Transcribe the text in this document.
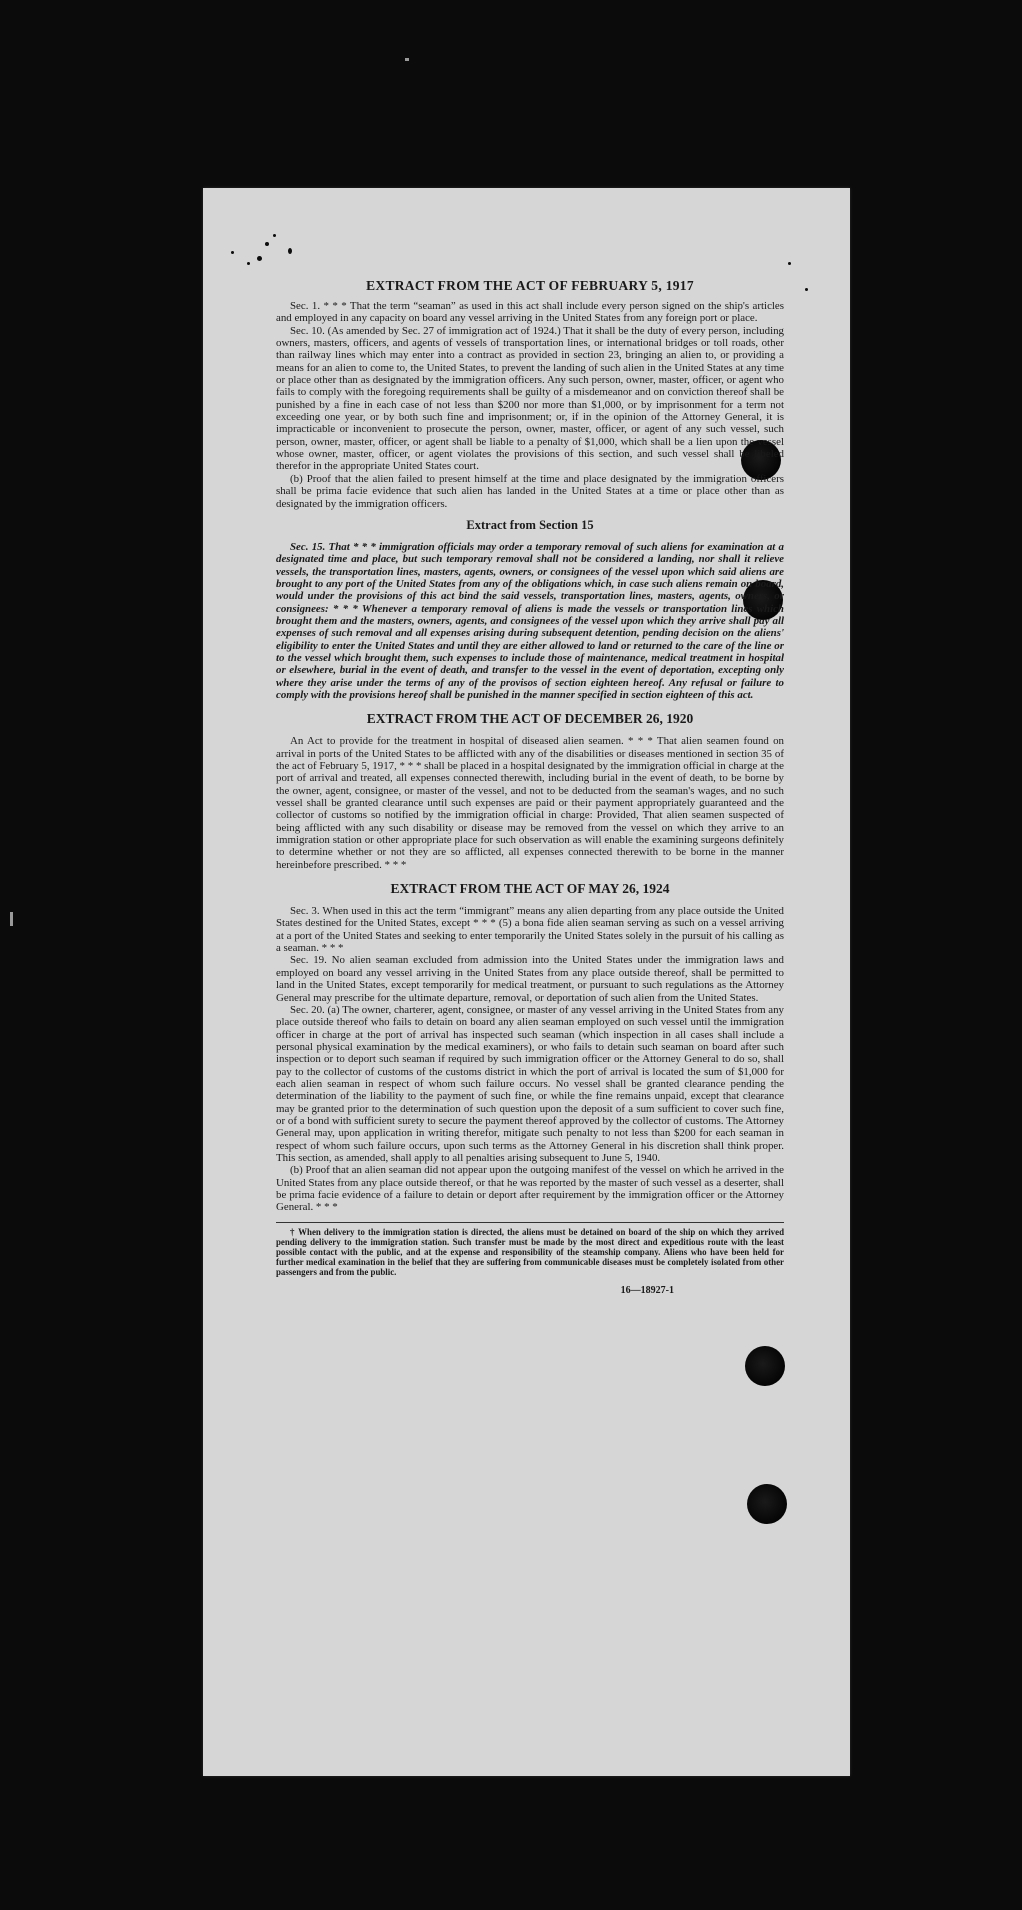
EXTRACT FROM THE ACT OF FEBRUARY 5, 1917

Sec. 1. * * * That the term “seaman” as used in this act shall include every person signed on the ship's articles and employed in any capacity on board any vessel arriving in the United States from any foreign port or place.

Sec. 10. (As amended by Sec. 27 of immigration act of 1924.) That it shall be the duty of every person, including owners, masters, officers, and agents of vessels of transportation lines, or international bridges or toll roads, other than railway lines which may enter into a contract as provided in section 23, bringing an alien to, or providing a means for an alien to come to, the United States, to prevent the landing of such alien in the United States at any time or place other than as designated by the immigration officers. Any such person, owner, master, officer, or agent who fails to comply with the foregoing requirements shall be guilty of a misdemeanor and on conviction thereof shall be punished by a fine in each case of not less than $200 nor more than $1,000, or by imprisonment for a term not exceeding one year, or by both such fine and imprisonment; or, if in the opinion of the Attorney General, it is impracticable or inconvenient to prosecute the person, owner, master, officer, or agent of any such vessel, such person, owner, master, officer, or agent shall be liable to a penalty of $1,000, which shall be a lien upon the vessel whose owner, master, officer, or agent violates the provisions of this section, and such vessel shall be libeled therefor in the appropriate United States court.

(b) Proof that the alien failed to present himself at the time and place designated by the immigration officers shall be prima facie evidence that such alien has landed in the United States at a time or place other than as designated by the immigration officers.

Extract from Section 15

Sec. 15. That * * * immigration officials may order a temporary removal of such aliens for examination at a designated time and place, but such temporary removal shall not be considered a landing, nor shall it relieve vessels, the transportation lines, masters, agents, owners, or consignees of the vessel upon which said aliens are brought to any port of the United States from any of the obligations which, in case such aliens remain on board, would under the provisions of this act bind the said vessels, transportation lines, masters, agents, owners, or consignees: * * * Whenever a temporary removal of aliens is made the vessels or transportation lines which brought them and the masters, owners, agents, and consignees of the vessel upon which they arrive shall pay all expenses of such removal and all expenses arising during subsequent detention, pending decision on the aliens' eligibility to enter the United States and until they are either allowed to land or returned to the care of the line or to the vessel which brought them, such expenses to include those of maintenance, medical treatment in hospital or elsewhere, burial in the event of death, and transfer to the vessel in the event of deportation, excepting only where they arise under the terms of any of the provisos of section eighteen hereof. Any refusal or failure to comply with the provisions hereof shall be punished in the manner specified in section eighteen of this act.

EXTRACT FROM THE ACT OF DECEMBER 26, 1920

An Act to provide for the treatment in hospital of diseased alien seamen. * * * That alien seamen found on arrival in ports of the United States to be afflicted with any of the disabilities or diseases mentioned in section 35 of the act of February 5, 1917, * * * shall be placed in a hospital designated by the immigration official in charge at the port of arrival and treated, all expenses connected therewith, including burial in the event of death, to be borne by the owner, agent, consignee, or master of the vessel, and not to be deducted from the seaman's wages, and no such vessel shall be granted clearance until such expenses are paid or their payment appropriately guaranteed and the collector of customs so notified by the immigration official in charge: Provided, That alien seamen suspected of being afflicted with any such disability or disease may be removed from the vessel on which they arrive to an immigration station or other appropriate place for such observation as will enable the examining surgeons definitely to determine whether or not they are so afflicted, all expenses connected therewith to be borne in the manner hereinbefore prescribed. * * *

EXTRACT FROM THE ACT OF MAY 26, 1924

Sec. 3. When used in this act the term “immigrant” means any alien departing from any place outside the United States destined for the United States, except * * * (5) a bona fide alien seaman serving as such on a vessel arriving at a port of the United States and seeking to enter temporarily the United States solely in the pursuit of his calling as a seaman. * * *

Sec. 19. No alien seaman excluded from admission into the United States under the immigration laws and employed on board any vessel arriving in the United States from any place outside thereof, shall be permitted to land in the United States, except temporarily for medical treatment, or pursuant to such regulations as the Attorney General may prescribe for the ultimate departure, removal, or deportation of such alien from the United States.

Sec. 20. (a) The owner, charterer, agent, consignee, or master of any vessel arriving in the United States from any place outside thereof who fails to detain on board any alien seaman employed on such vessel until the immigration officer in charge at the port of arrival has inspected such seaman (which inspection in all cases shall include a personal physical examination by the medical examiners), or who fails to detain such seaman on board after such inspection or to deport such seaman if required by such immigration officer or the Attorney General to do so, shall pay to the collector of customs of the customs district in which the port of arrival is located the sum of $1,000 for each alien seaman in respect of whom such failure occurs. No vessel shall be granted clearance pending the determination of the liability to the payment of such fine, or while the fine remains unpaid, except that clearance may be granted prior to the determination of such question upon the deposit of a sum sufficient to cover such fine, or of a bond with sufficient surety to secure the payment thereof approved by the collector of customs. The Attorney General may, upon application in writing therefor, mitigate such penalty to not less than $200 for each seaman in respect of whom such failure occurs, upon such terms as the Attorney General in his discretion shall think proper. This section, as amended, shall apply to all penalties arising subsequent to June 5, 1940.

(b) Proof that an alien seaman did not appear upon the outgoing manifest of the vessel on which he arrived in the United States from any place outside thereof, or that he was reported by the master of such vessel as a deserter, shall be prima facie evidence of a failure to detain or deport after requirement by the immigration officer or the Attorney General. * * *

† When delivery to the immigration station is directed, the aliens must be detained on board of the ship on which they arrived pending delivery to the immigration station. Such transfer must be made by the most direct and expeditious route with the least possible contact with the public, and at the expense and responsibility of the steamship company. Aliens who have been held for further medical examination in the belief that they are suffering from communicable diseases must be completely isolated from other passengers and from the public.

16—18927-1
